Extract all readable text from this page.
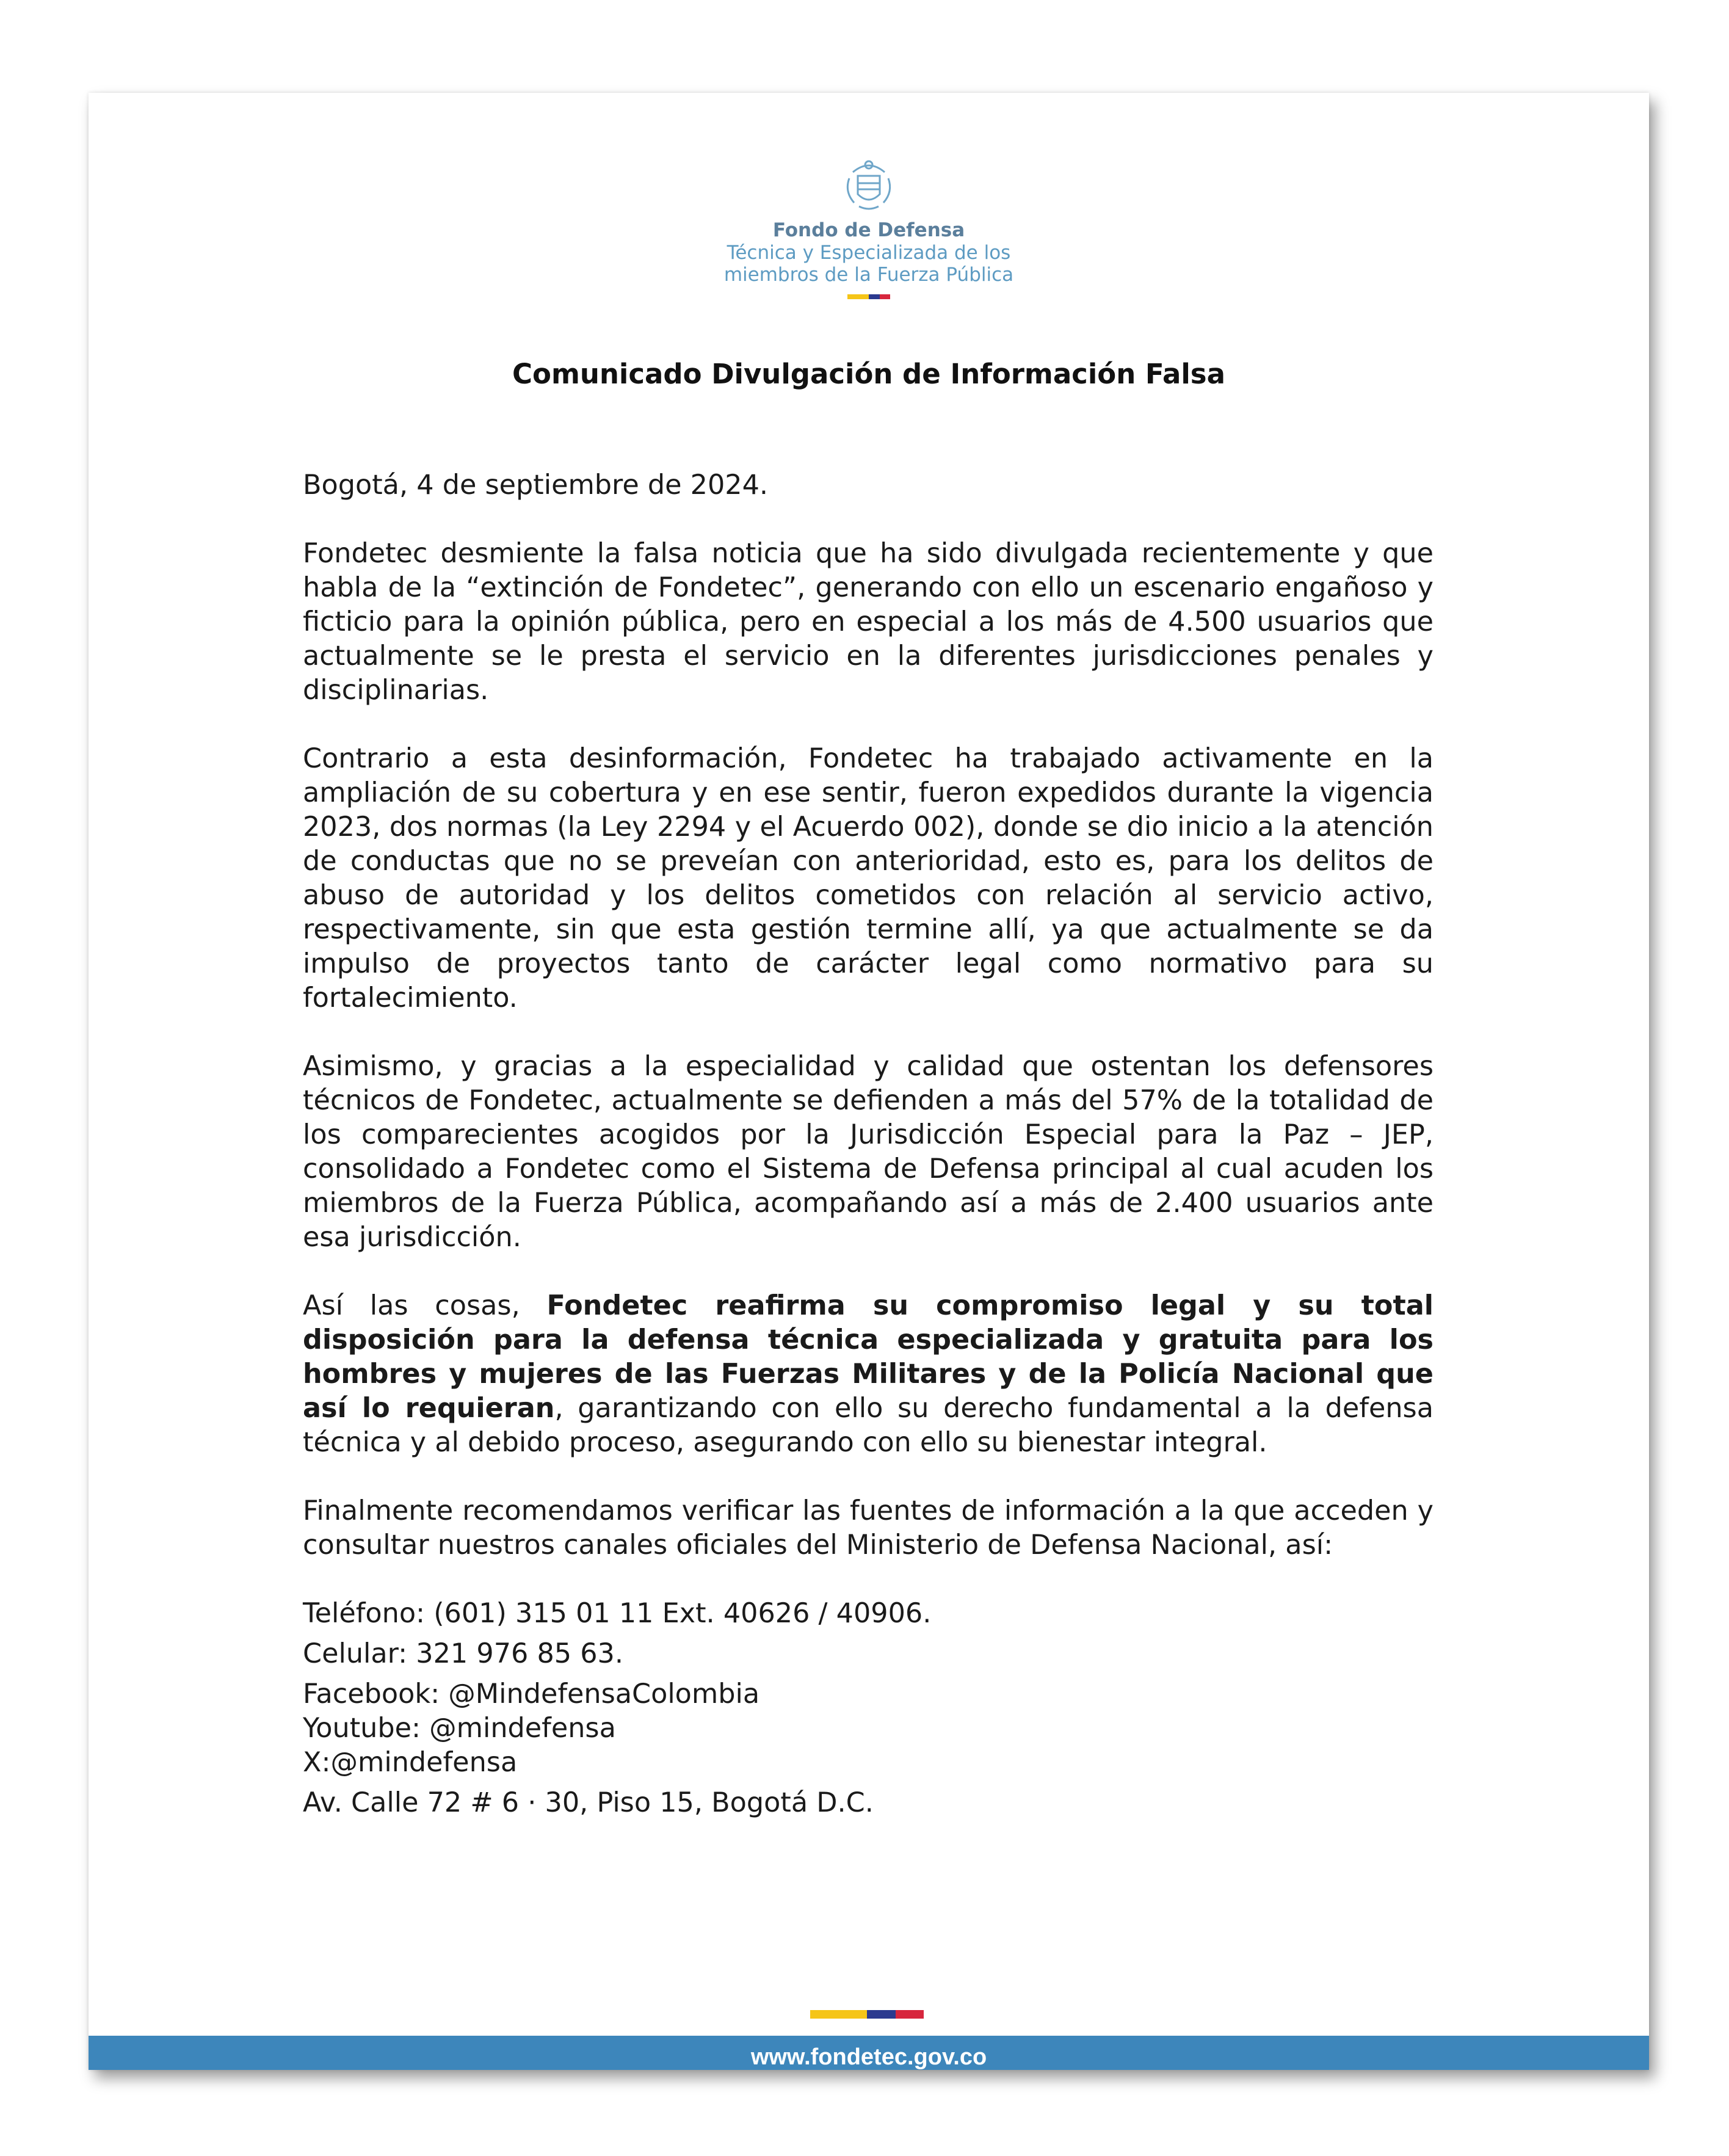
Fondo de Defensa
Técnica y Especializada de los
miembros de la Fuerza Pública
Comunicado Divulgación de Información Falsa

Bogotá, 4 de septiembre de 2024.

Fondetec desmiente la falsa noticia que ha sido divulgada recientemente y que habla de la “extinción de Fondetec”, generando con ello un escenario engañoso y ficticio para la opinión pública, pero en especial a los más de 4.500 usuarios que actualmente se le presta el servicio en la diferentes jurisdicciones penales y disciplinarias.

Contrario a esta desinformación, Fondetec ha trabajado activamente en la ampliación de su cobertura y en ese sentir, fueron expedidos durante la vigencia 2023, dos normas (la Ley 2294 y el Acuerdo 002), donde se dio inicio a la atención de conductas que no se preveían con anterioridad, esto es, para los delitos de abuso de autoridad y los delitos cometidos con relación al servicio activo, respectivamente, sin que esta gestión termine allí, ya que actualmente se da impulso de proyectos tanto de carácter legal como normativo para su fortalecimiento.

Asimismo, y gracias a la especialidad y calidad que ostentan los defensores técnicos de Fondetec, actualmente se defienden a más del 57% de la totalidad de los comparecientes acogidos por la Jurisdicción Especial para la Paz – JEP, consolidado a Fondetec como el Sistema de Defensa principal al cual acuden los miembros de la Fuerza Pública, acompañando así a más de 2.400 usuarios ante esa jurisdicción.

Así las cosas, Fondetec reafirma su compromiso legal y su total disposición para la defensa técnica especializada y gratuita para los hombres y mujeres de las Fuerzas Militares y de la Policía Nacional que así lo requieran, garantizando con ello su derecho fundamental a la defensa técnica y al debido proceso, asegurando con ello su bienestar integral.

Finalmente recomendamos verificar las fuentes de información a la que acceden y consultar nuestros canales oficiales del Ministerio de Defensa Nacional, así:

Teléfono: (601) 315 01 11 Ext. 40626 / 40906.
Celular: 321 976 85 63.
Facebook: @MindefensaColombia
Youtube: @mindefensa
X:@mindefensa
Av. Calle 72 # 6 · 30, Piso 15, Bogotá D.C.
www.fondetec.gov.co
